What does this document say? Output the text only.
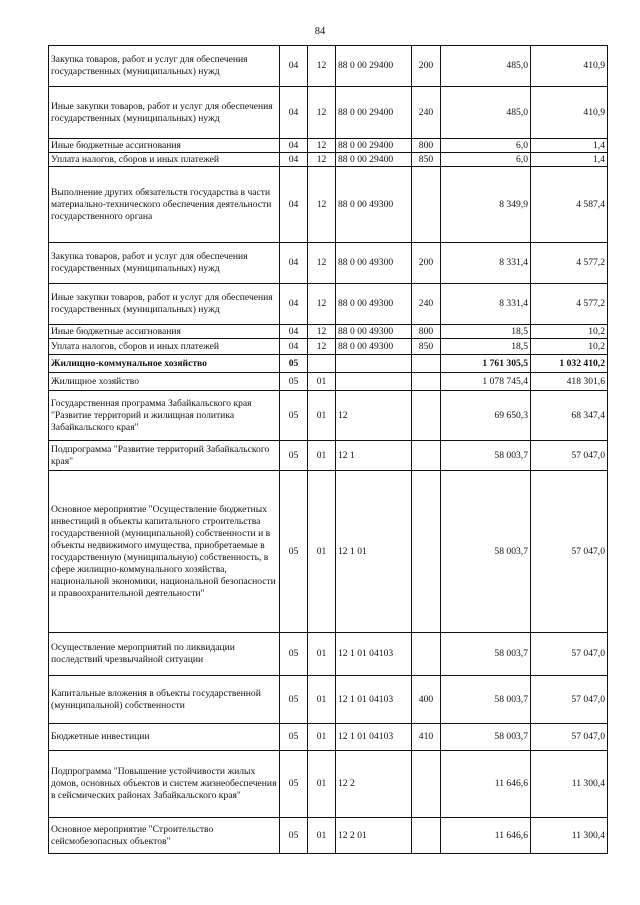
84
Закупка товаров, работ и услуг для обеспечения государственных (муниципальных) нужд	04	12	88 0 00 29400	200	485,0	410,9
Иные закупки товаров, работ и услуг для обеспечения государственных (муниципальных) нужд	04	12	88 0 00 29400	240	485,0	410,9
Иные бюджетные ассигнования	04	12	88 0 00 29400	800	6,0	1,4
Уплата налогов, сборов и иных платежей	04	12	88 0 00 29400	850	6,0	1,4
Выполнение других обязательств государства в части материально-технического обеспечения деятельности государственного органа	04	12	88 0 00 49300		8 349,9	4 587,4
Закупка товаров, работ и услуг для обеспечения государственных (муниципальных) нужд	04	12	88 0 00 49300	200	8 331,4	4 577,2
Иные закупки товаров, работ и услуг для обеспечения государственных (муниципальных) нужд	04	12	88 0 00 49300	240	8 331,4	4 577,2
Иные бюджетные ассигнования	04	12	88 0 00 49300	800	18,5	10,2
Уплата налогов, сборов и иных платежей	04	12	88 0 00 49300	850	18,5	10,2
Жилищно-коммунальное хозяйство	05				1 761 305,5	1 032 410,2
Жилищное хозяйство	05	01			1 078 745,4	418 301,6
Государственная программа Забайкальского края "Развитие территорий и жилищная политика Забайкальского края"	05	01	12		69 650,3	68 347,4
Подпрограмма "Развитие территорий Забайкальского края"	05	01	12 1		58 003,7	57 047,0
Основное мероприятие "Осуществление бюджетных инвестиций в объекты капитального строительства государственной (муниципальной) собственности и в объекты недвижимого имущества, приобретаемые в государственную (муниципальную) собственность, в сфере жилищно-коммунального хозяйства, национальной экономики, национальной безопасности и правоохранительной деятельности"	05	01	12 1 01		58 003,7	57 047,0
Осуществление мероприятий по ликвидации последствий чрезвычайной ситуации	05	01	12 1 01 04103		58 003,7	57 047,0
Капитальные вложения в объекты государственной (муниципальной) собственности	05	01	12 1 01 04103	400	58 003,7	57 047,0
Бюджетные инвестиции	05	01	12 1 01 04103	410	58 003,7	57 047,0
Подпрограмма "Повышение устойчивости жилых домов, основных объектов и систем жизнеобеспечения в сейсмических районах Забайкальского края"	05	01	12 2		11 646,6	11 300,4
Основное мероприятие "Строительство сейсмобезопасных объектов"	05	01	12 2 01		11 646,6	11 300,4
